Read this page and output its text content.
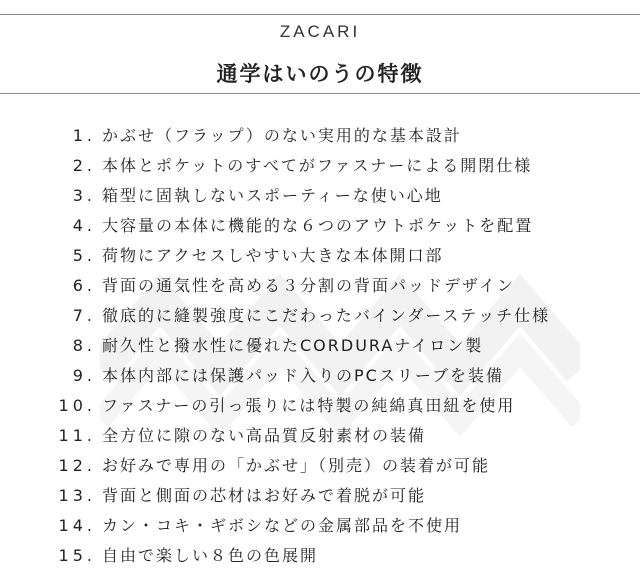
ZACARI
通学はいのうの特徴
1. かぶせ（フラップ）のない実用的な基本設計
2. 本体とポケットのすべてがファスナーによる開閉仕様
3. 箱型に固執しないスポーティーな使い心地
4. 大容量の本体に機能的な６つのアウトポケットを配置
5. 荷物にアクセスしやすい大きな本体開口部
6. 背面の通気性を高める３分割の背面パッドデザイン
7. 徹底的に縫製強度にこだわったバインダーステッチ仕様
8. 耐久性と撥水性に優れたCORDURAナイロン製
9. 本体内部には保護パッド入りのPCスリーブを装備
10. ファスナーの引っ張りには特製の純綿真田紐を使用
11. 全方位に隙のない高品質反射素材の装備
12. お好みで専用の「かぶせ」（別売）の装着が可能
13. 背面と側面の芯材はお好みで着脱が可能
14. カン・コキ・ギボシなどの金属部品を不使用
15. 自由で楽しい８色の色展開
